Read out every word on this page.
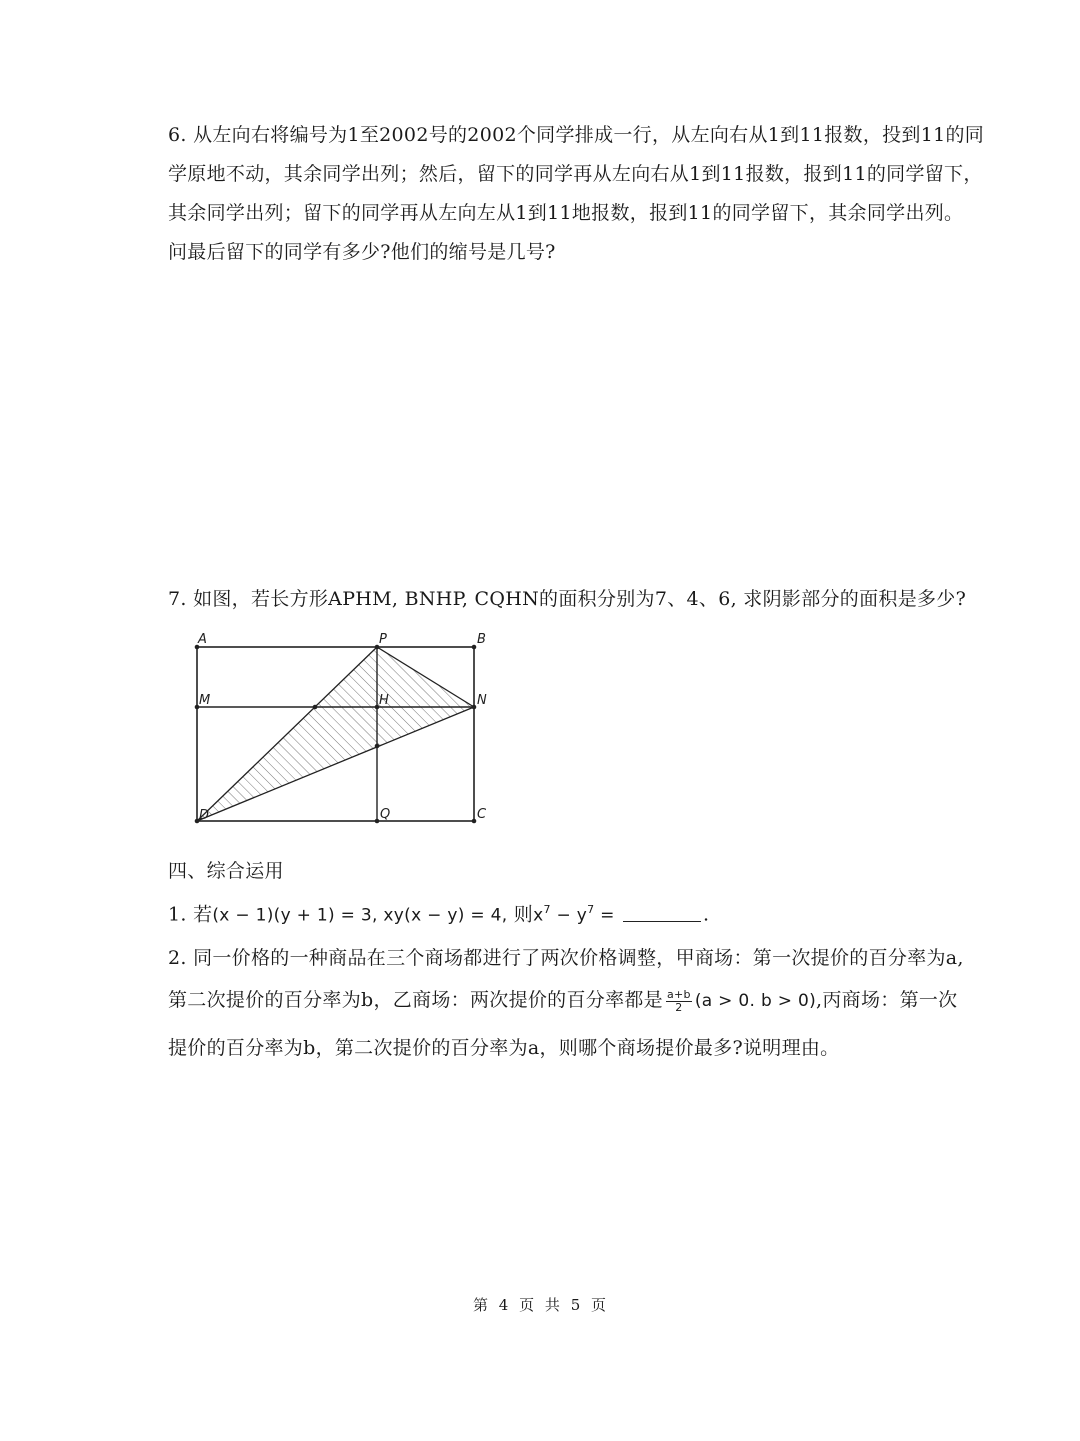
6. 从左向右将编号为1至2002号的2002个同学排成一行，从左向右从1到11报数，投到11的同
学原地不动，其余同学出列；然后，留下的同学再从左向右从1到11报数，报到11的同学留下，
其余同学出列；留下的同学再从左向左从1到11地报数，报到11的同学留下，其余同学出列。
问最后留下的同学有多少?他们的缩号是几号?
7. 如图，若长方形APHM, BNHP, CQHN的面积分别为7、4、6, 求阴影部分的面积是多少?
A	P	B
M	H	N
D	Q	C
四、综合运用
1. 若(x − 1)(y + 1) = 3, xy(x − y) = 4, 则$x^7 - y^7$ =	.
2. 同一价格的一种商品在三个商场都进行了两次价格调整，甲商场：第一次提价的百分率为a,
第二次提价的百分率为b，乙商场：两次提价的百分率都是 $\frac{a+b}{2} (a > 0$. b > 0),丙商场：第一次
提价的百分率为b，第二次提价的百分率为a，则哪个商场提价最多?说明理由。
第 4 页 共 5 页
